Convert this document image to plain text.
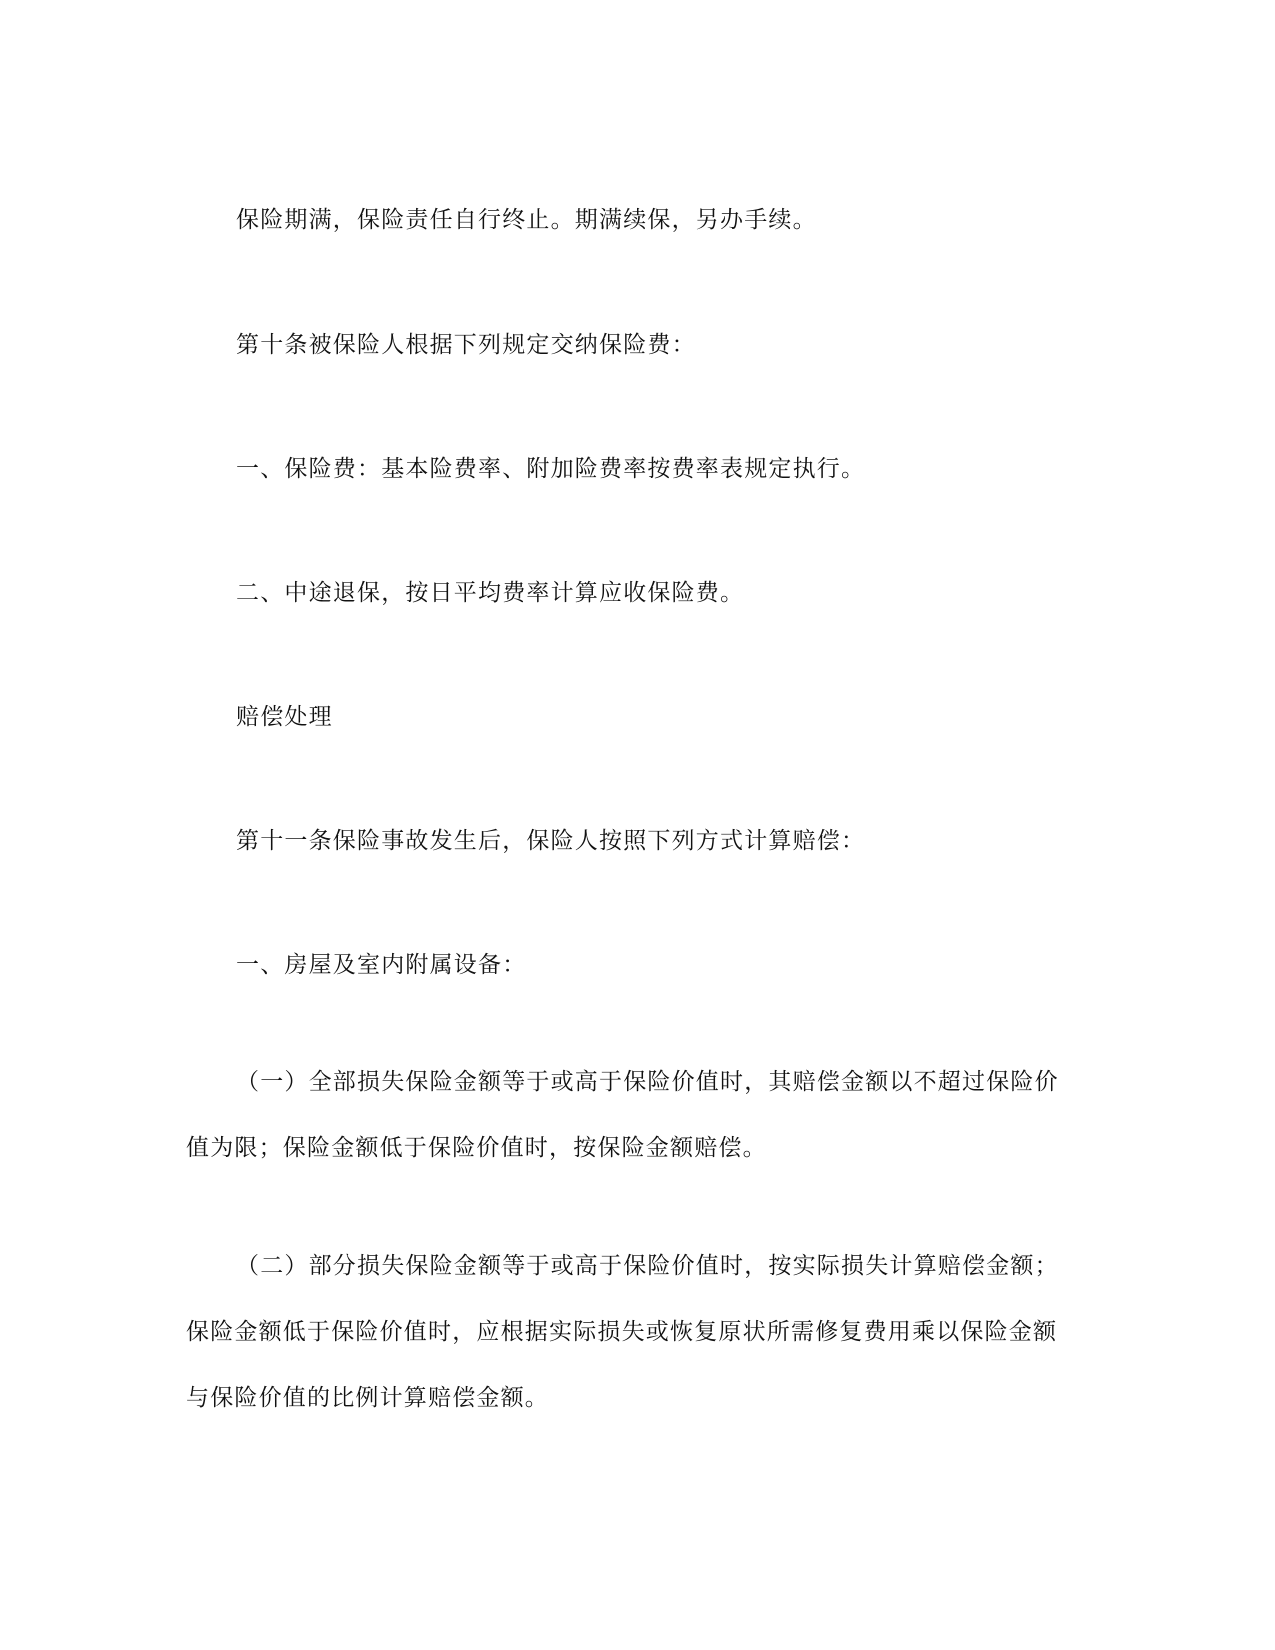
保险期满，保险责任自行终止。期满续保，另办手续。
第十条被保险人根据下列规定交纳保险费：
一、保险费：基本险费率、附加险费率按费率表规定执行。
二、中途退保，按日平均费率计算应收保险费。
赔偿处理
第十一条保险事故发生后，保险人按照下列方式计算赔偿：
一、房屋及室内附属设备：
（一）全部损失保险金额等于或高于保险价值时，其赔偿金额以不超过保险价
值为限；保险金额低于保险价值时，按保险金额赔偿。
（二）部分损失保险金额等于或高于保险价值时，按实际损失计算赔偿金额；
保险金额低于保险价值时，应根据实际损失或恢复原状所需修复费用乘以保险金额
与保险价值的比例计算赔偿金额。
